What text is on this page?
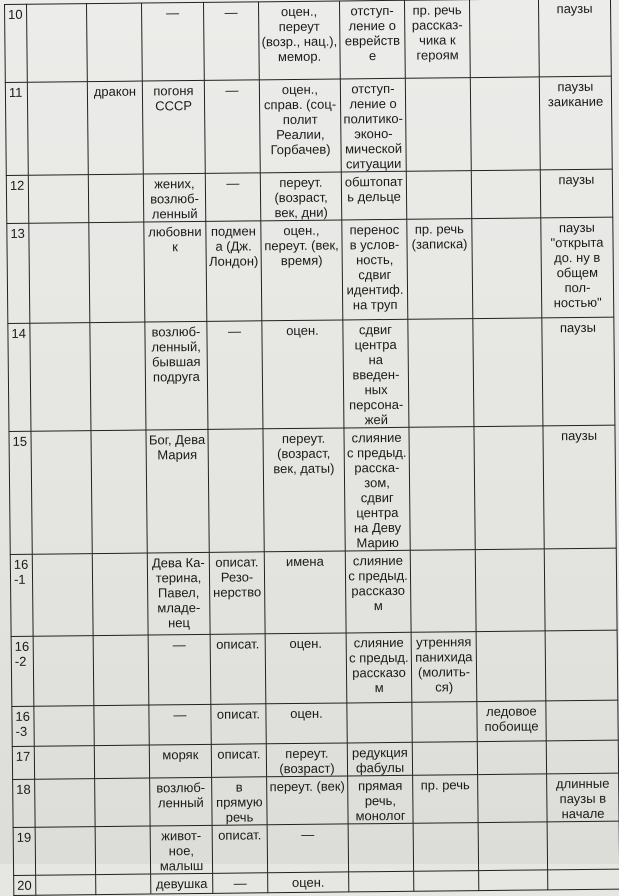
10			—	—	оцен., переут (возр., нац.), мемор.	отступление о еврействе	пр. речь рассказчика к героям		паузы
11		дракон	погоня СССР	—	оцен., справ. (соц-полит Реалии, Горбачев)	отступление о политико-экономической ситуации			паузы заикание
12			жених, возлюбленный	—	переут. (возраст, век, дни)	обштопать дельце			паузы
13			любовник	подмена (Дж. Лондон)	оцен., переут. (век, время)	перенос в условность, сдвиг идентиф. на труп	пр. речь (записка)		паузы "открыта до. ну в общем полностью"
14			возлюбленный, бывшая подруга	—	оцен.	сдвиг центра на введенных персонажей			паузы
15			Бог, Дева Мария		переут. (возраст, век, даты)	слияние с предыд. рассказом, сдвиг центра на Деву Марию			паузы
16-1			Дева Катерина, Павел, младенец	описат. Резонерство	имена	слияние с предыд. рассказом			
16-2			—	описат.	оцен.	слияние с предыд. рассказом	утренняя панихида (молиться)		
16-3			—	описат.	оцен.			ледовое побоище	
17			моряк	описат.	переут. (возраст)	редукция фабулы			
18			возлюбленный	в прямую речь	переут. (век)	прямая речь, монолог	пр. речь		длинные паузы в начале
19			животное, малыш	описат.	—				
20			девушка	—	оцен.				
